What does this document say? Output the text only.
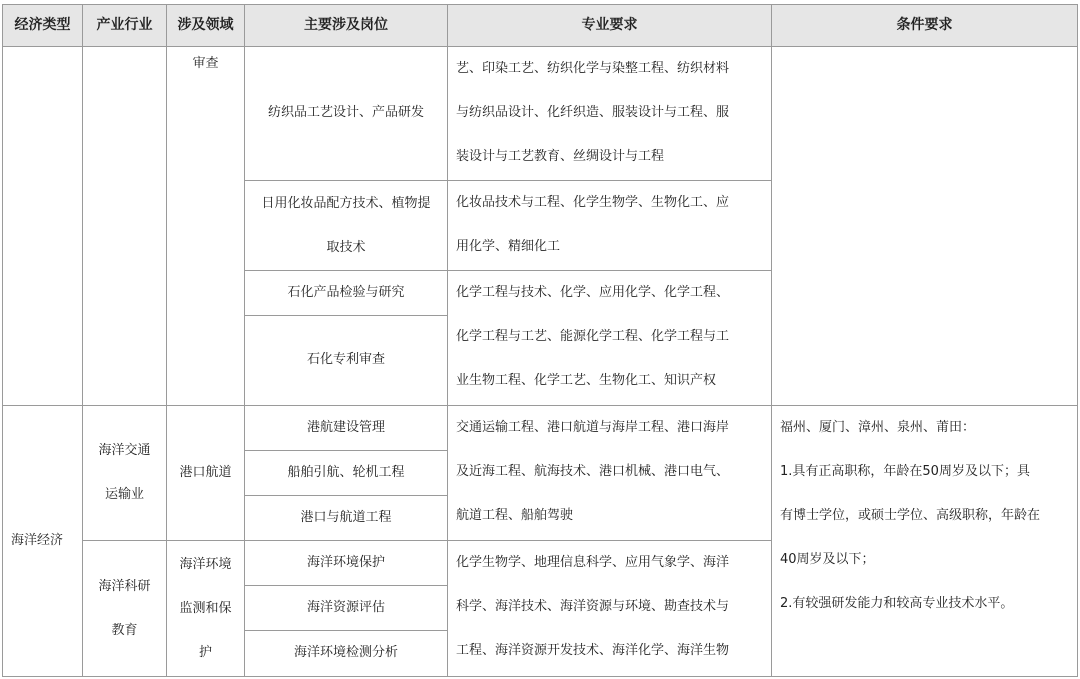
经济类型	产业行业	涉及领域	主要涉及岗位	专业要求	条件要求
		审查	纺织品工艺设计、产品研发	艺、印染工艺、纺织化学与染整工程、纺织材料
与纺织品设计、化纤织造、服装设计与工程、服
装设计与工艺教育、丝绸设计与工程	

			日用化妆品配方技术、植物提
取技术	化妆品技术与工程、化学生物学、生物化工、应
用化学、精细化工	

			石化产品检验与研究	化学工程与技术、化学、应用化学、化学工程、
化学工程与工艺、能源化学工程、化学工程与工
业生物工程、化学工艺、生物化工、知识产权	

			石化专利审查		
海洋经济	海洋交通
运输业	港口航道	港航建设管理	交通运输工程、港口航道与海岸工程、港口海岸
及近海工程、航海技术、港口机械、港口电气、
航道工程、船舶驾驶	福州、厦门、漳州、泉州、莆田：
1.具有正高职称，年龄在50周岁及以下；具
有博士学位，或硕士学位、高级职称，年龄在
40周岁及以下；
2.有较强研发能力和较高专业技术水平。

			船舶引航、轮机工程		
			港口与航道工程		

	海洋科研
教育	海洋环境
监测和保
护	海洋环境保护	化学生物学、地理信息科学、应用气象学、海洋
科学、海洋技术、海洋资源与环境、勘查技术与
工程、海洋资源开发技术、海洋化学、海洋生物	

			海洋资源评估		
			海洋环境检测分析		
